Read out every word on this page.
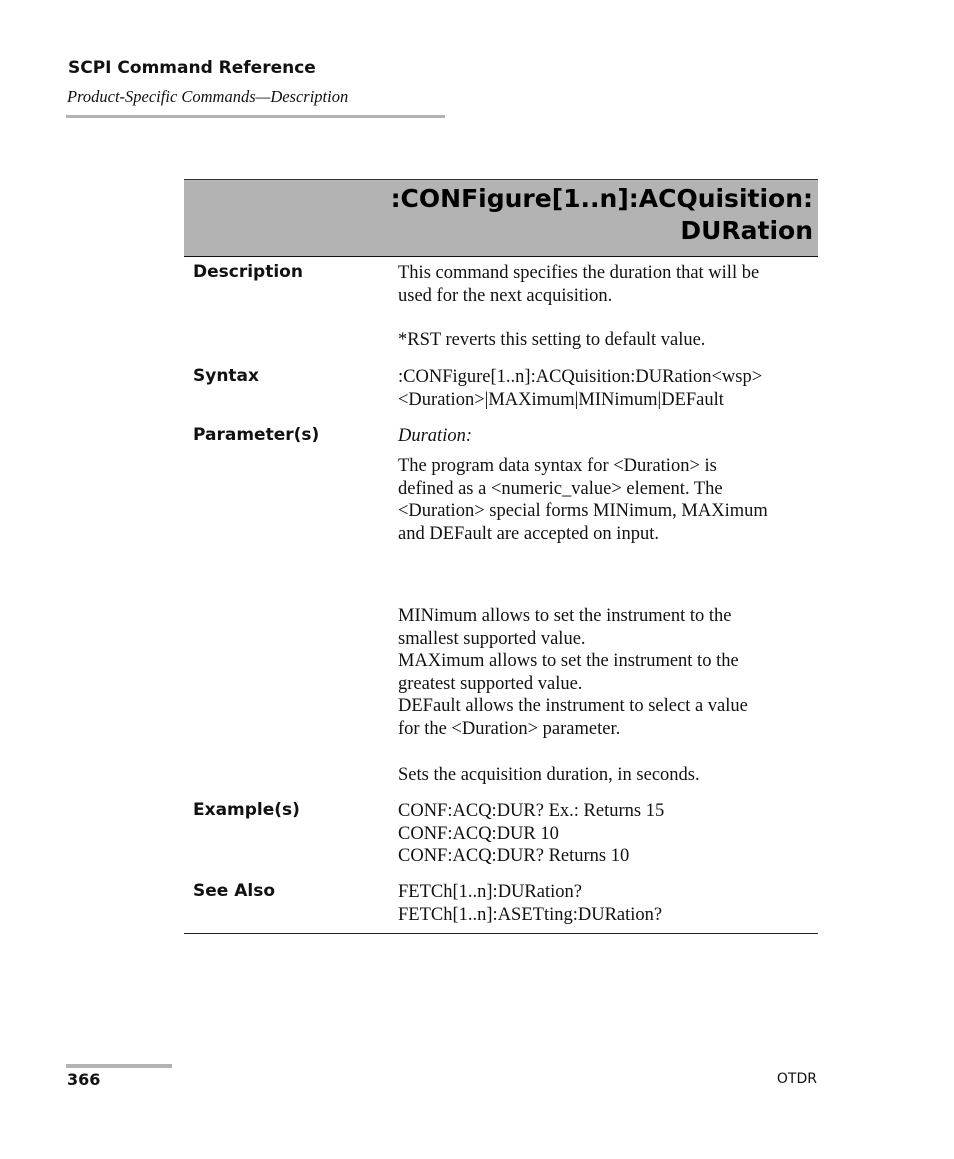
SCPI Command Reference
Product-Specific Commands—Description
:CONFigure[1..n]:ACQuisition:
DURation
Description	This command specifies the duration that will be
used for the next acquisition.
*RST reverts this setting to default value.
Syntax	:CONFigure[1..n]:ACQuisition:DURation<wsp>
<Duration>|MAXimum|MINimum|DEFault
Parameter(s)	Duration:
The program data syntax for <Duration> is
defined as a <numeric_value> element. The
<Duration> special forms MINimum, MAXimum
and DEFault are accepted on input.
MINimum allows to set the instrument to the
smallest supported value.
MAXimum allows to set the instrument to the
greatest supported value.
DEFault allows the instrument to select a value
for the <Duration> parameter.
Sets the acquisition duration, in seconds.
Example(s)	CONF:ACQ:DUR? Ex.: Returns 15
CONF:ACQ:DUR 10
CONF:ACQ:DUR? Returns 10
See Also	FETCh[1..n]:DURation?
FETCh[1..n]:ASETting:DURation?
366	OTDR
